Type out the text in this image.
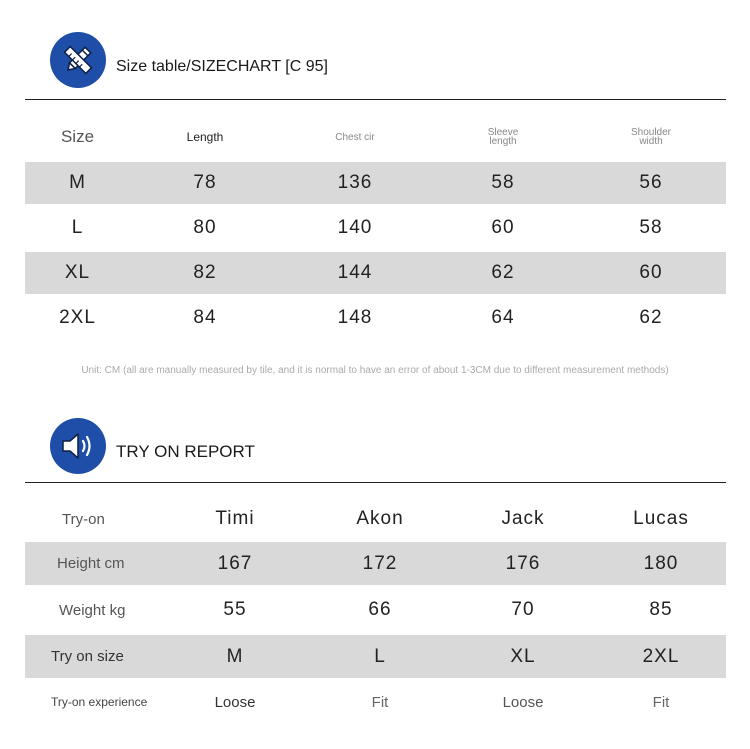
Size table/SIZECHART [C 95]
Size	Length	Chest cir	Sleeve length	Shoulder width
M	78	136	58	56
L	80	140	60	58
XL	82	144	62	60
2XL	84	148	64	62
Unit: CM (all are manually measured by tile, and it is normal to have an error of about 1-3CM due to different measurement methods)
TRY ON REPORT
Try-on	Timi	Akon	Jack	Lucas
Height cm	167	172	176	180
Weight kg	55	66	70	85
Try on size	M	L	XL	2XL
Try-on experience	Loose	Fit	Loose	Fit
